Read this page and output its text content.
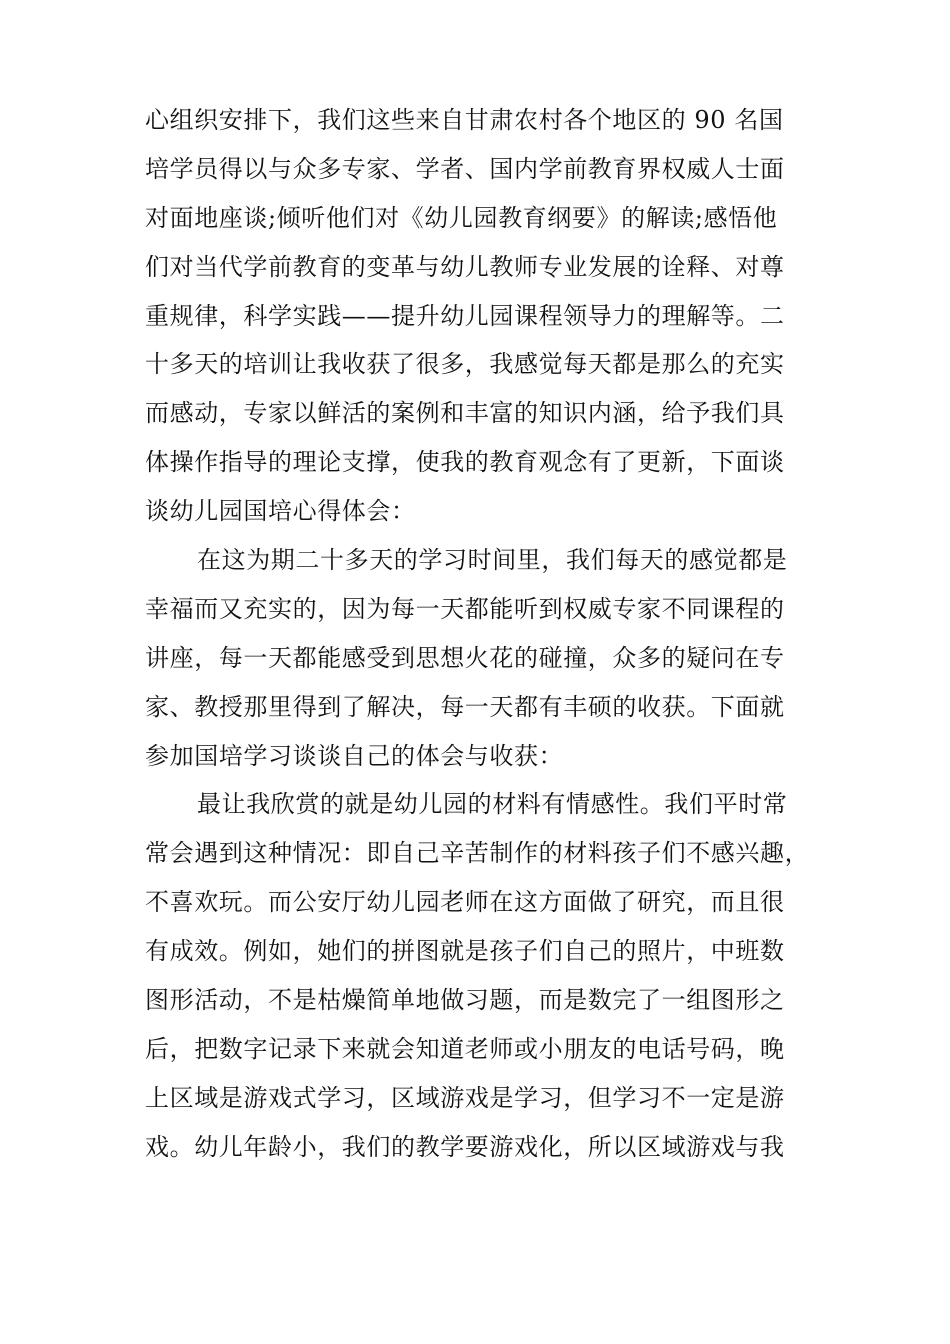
心组织安排下，我们这些来自甘肃农村各个地区的 90 名国
培学员得以与众多专家、学者、国内学前教育界权威人士面
对面地座谈;倾听他们对《幼儿园教育纲要》的解读;感悟他
们对当代学前教育的变革与幼儿教师专业发展的诠释、对尊
重规律，科学实践——提升幼儿园课程领导力的理解等。二
十多天的培训让我收获了很多，我感觉每天都是那么的充实
而感动，专家以鲜活的案例和丰富的知识内涵，给予我们具
体操作指导的理论支撑，使我的教育观念有了更新，下面谈
谈幼儿园国培心得体会：
在这为期二十多天的学习时间里，我们每天的感觉都是
幸福而又充实的，因为每一天都能听到权威专家不同课程的
讲座，每一天都能感受到思想火花的碰撞，众多的疑问在专
家、教授那里得到了解决，每一天都有丰硕的收获。下面就
参加国培学习谈谈自己的体会与收获：
最让我欣赏的就是幼儿园的材料有情感性。我们平时常
常会遇到这种情况：即自己辛苦制作的材料孩子们不感兴趣，
不喜欢玩。而公安厅幼儿园老师在这方面做了研究，而且很
有成效。例如，她们的拼图就是孩子们自己的照片，中班数
图形活动，不是枯燥简单地做习题，而是数完了一组图形之
后，把数字记录下来就会知道老师或小朋友的电话号码，晚
上区域是游戏式学习，区域游戏是学习，但学习不一定是游
戏。幼儿年龄小，我们的教学要游戏化，所以区域游戏与我
